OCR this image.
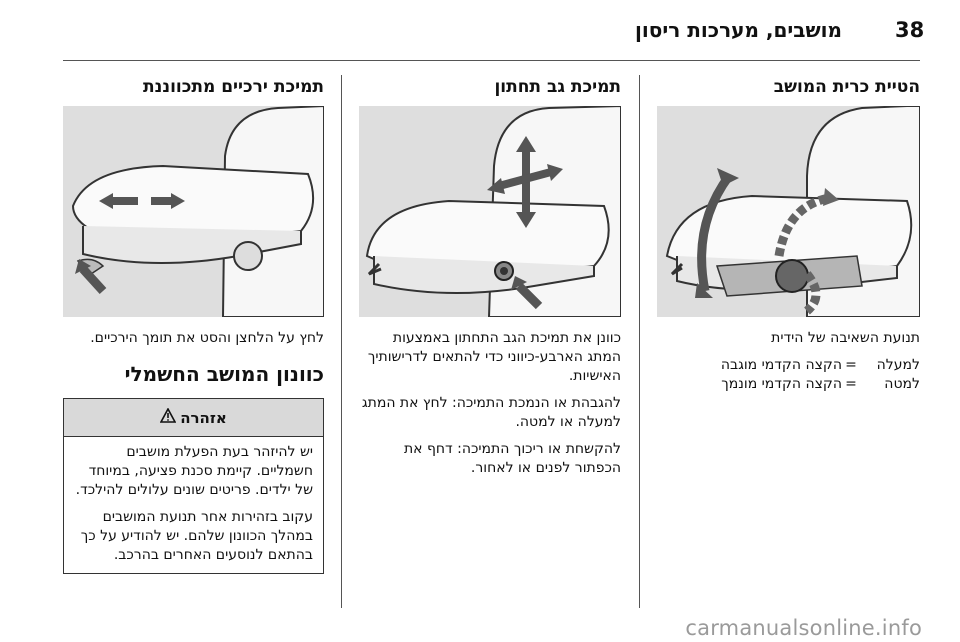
38
מושבים, מערכות ריסון
הטיית כרית המושב

תנועת השאיבה של הידית

למעלה
=
הקצה הקדמי מוגבה
למטה
=
הקצה הקדמי מונמך
תמיכת גב תחתון

כוונן את תמיכת הגב התחתון באמצעות המתג הארבע-כיווני כדי להתאים לדרישותיך האישיות.

להגבהת או הנמכת התמיכה: לחץ את המתג למעלה או למטה.

להקשחת או ריכוך התמיכה: דחף את הכפתור לפנים או לאחור.

תמיכת ירכיים מתכווננת

לחץ על הלחצן והסט את תומך הירכיים.

כוונון המושב החשמלי
אזהרה

יש להיזהר בעת הפעלת מושבים חשמליים. קיימת סכנת פציעה, במיוחד של ילדים. פריטים שונים עלולים להילכד.

עקוב בזהירות אחר תנועת המושבים במהלך הכוונון שלהם. יש להודיע על כך בהתאם לנוסעים האחרים בהרכב.

carmanualsonline.info
